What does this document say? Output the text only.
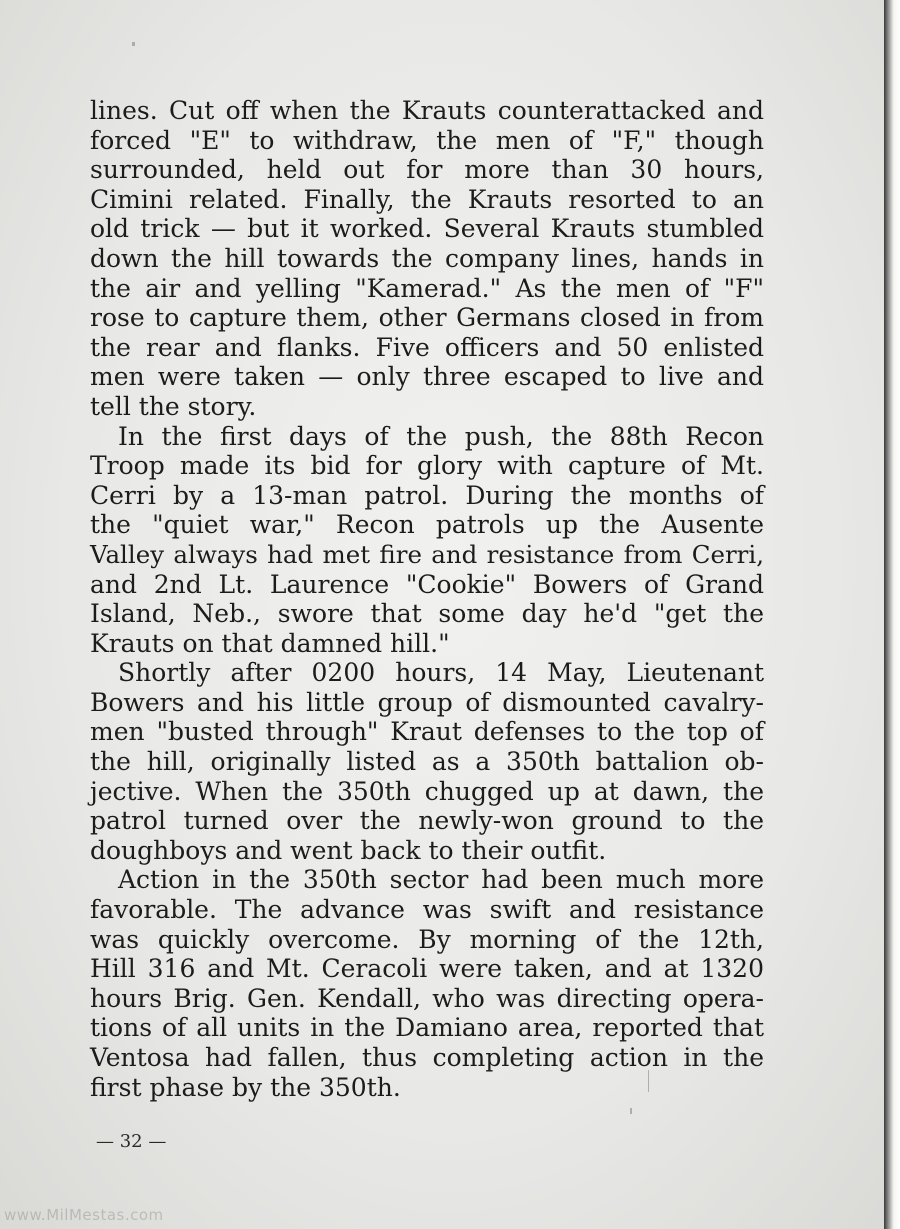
lines. Cut off when the Krauts counterattacked and
forced "E" to withdraw, the men of "F," though
surrounded, held out for more than 30 hours,
Cimini related. Finally, the Krauts resorted to an
old trick — but it worked. Several Krauts stumbled
down the hill towards the company lines, hands in
the air and yelling "Kamerad." As the men of "F"
rose to capture them, other Germans closed in from
the rear and flanks. Five officers and 50 enlisted
men were taken — only three escaped to live and
tell the story.
In the first days of the push, the 88th Recon
Troop made its bid for glory with capture of Mt.
Cerri by a 13-man patrol. During the months of
the "quiet war," Recon patrols up the Ausente
Valley always had met fire and resistance from Cerri,
and 2nd Lt. Laurence "Cookie" Bowers of Grand
Island, Neb., swore that some day he'd "get the
Krauts on that damned hill."
Shortly after 0200 hours, 14 May, Lieutenant
Bowers and his little group of dismounted cavalry-
men "busted through" Kraut defenses to the top of
the hill, originally listed as a 350th battalion ob-
jective. When the 350th chugged up at dawn, the
patrol turned over the newly-won ground to the
doughboys and went back to their outfit.
Action in the 350th sector had been much more
favorable. The advance was swift and resistance
was quickly overcome. By morning of the 12th,
Hill 316 and Mt. Ceracoli were taken, and at 1320
hours Brig. Gen. Kendall, who was directing opera-
tions of all units in the Damiano area, reported that
Ventosa had fallen, thus completing action in the
first phase by the 350th.
— 32 —
www.MilMestas.com
